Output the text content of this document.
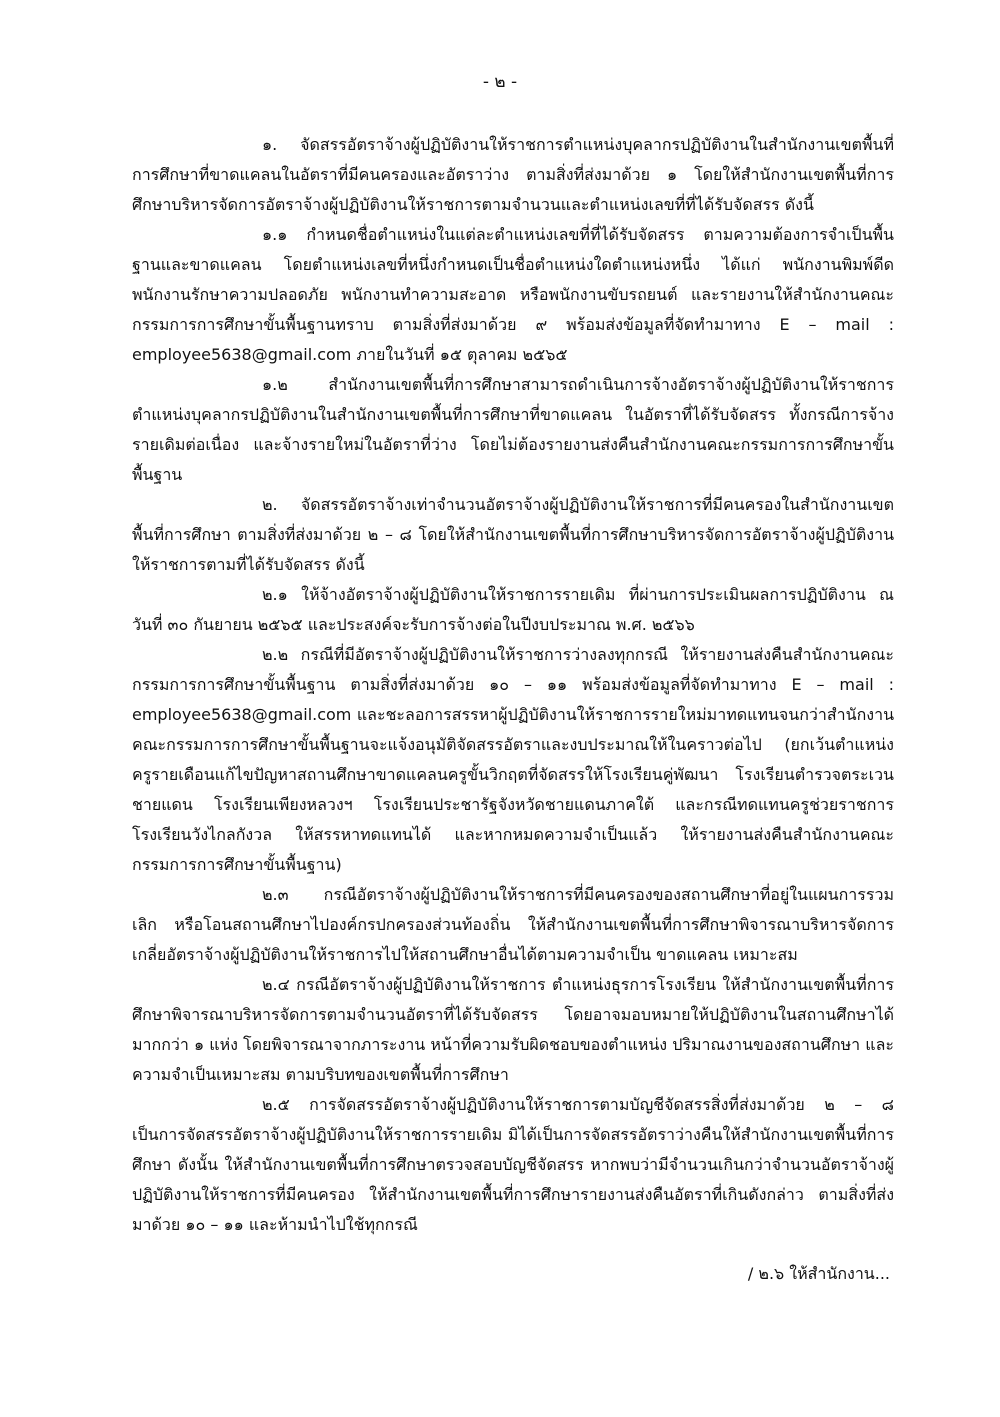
- ๒ -

๑. จัดสรรอัตราจ้างผู้ปฏิบัติงานให้ราชการตำแหน่งบุคลากรปฏิบัติงานในสำนักงานเขตพื้นที่การศึกษาที่ขาดแคลนในอัตราที่มีคนครองและอัตราว่าง ตามสิ่งที่ส่งมาด้วย ๑ โดยให้สำนักงานเขตพื้นที่การศึกษาบริหารจัดการอัตราจ้างผู้ปฏิบัติงานให้ราชการตามจำนวนและตำแหน่งเลขที่ที่ได้รับจัดสรร ดังนี้

๑.๑ กำหนดชื่อตำแหน่งในแต่ละตำแหน่งเลขที่ที่ได้รับจัดสรร ตามความต้องการจำเป็นพื้นฐานและขาดแคลน โดยตำแหน่งเลขที่หนึ่งกำหนดเป็นชื่อตำแหน่งใดตำแหน่งหนึ่ง ได้แก่ พนักงานพิมพ์ดีด พนักงานรักษาความปลอดภัย พนักงานทำความสะอาด หรือพนักงานขับรถยนต์ และรายงานให้สำนักงานคณะกรรมการการศึกษาขั้นพื้นฐานทราบ ตามสิ่งที่ส่งมาด้วย ๙ พร้อมส่งข้อมูลที่จัดทำมาทาง E – mail : employee5638@gmail.com ภายในวันที่ ๑๕ ตุลาคม ๒๕๖๕

๑.๒ สำนักงานเขตพื้นที่การศึกษาสามารถดำเนินการจ้างอัตราจ้างผู้ปฏิบัติงานให้ราชการตำแหน่งบุคลากรปฏิบัติงานในสำนักงานเขตพื้นที่การศึกษาที่ขาดแคลน ในอัตราที่ได้รับจัดสรร ทั้งกรณีการจ้างรายเดิมต่อเนื่อง และจ้างรายใหม่ในอัตราที่ว่าง โดยไม่ต้องรายงานส่งคืนสำนักงานคณะกรรมการการศึกษาขั้นพื้นฐาน

๒. จัดสรรอัตราจ้างเท่าจำนวนอัตราจ้างผู้ปฏิบัติงานให้ราชการที่มีคนครองในสำนักงานเขตพื้นที่การศึกษา ตามสิ่งที่ส่งมาด้วย ๒ – ๘ โดยให้สำนักงานเขตพื้นที่การศึกษาบริหารจัดการอัตราจ้างผู้ปฏิบัติงานให้ราชการตามที่ได้รับจัดสรร ดังนี้

๒.๑ ให้จ้างอัตราจ้างผู้ปฏิบัติงานให้ราชการรายเดิม ที่ผ่านการประเมินผลการปฏิบัติงาน ณ วันที่ ๓๐ กันยายน ๒๕๖๕ และประสงค์จะรับการจ้างต่อในปีงบประมาณ พ.ศ. ๒๕๖๖

๒.๒ กรณีที่มีอัตราจ้างผู้ปฏิบัติงานให้ราชการว่างลงทุกกรณี ให้รายงานส่งคืนสำนักงานคณะกรรมการการศึกษาขั้นพื้นฐาน ตามสิ่งที่ส่งมาด้วย ๑๐ – ๑๑ พร้อมส่งข้อมูลที่จัดทำมาทาง E – mail : employee5638@gmail.com และชะลอการสรรหาผู้ปฏิบัติงานให้ราชการรายใหม่มาทดแทนจนกว่าสำนักงานคณะกรรมการการศึกษาขั้นพื้นฐานจะแจ้งอนุมัติจัดสรรอัตราและงบประมาณให้ในคราวต่อไป (ยกเว้นตำแหน่งครูรายเดือนแก้ไขปัญหาสถานศึกษาขาดแคลนครูขั้นวิกฤตที่จัดสรรให้โรงเรียนคู่พัฒนา โรงเรียนตำรวจตระเวนชายแดน โรงเรียนเพียงหลวงฯ โรงเรียนประชารัฐจังหวัดชายแดนภาคใต้ และกรณีทดแทนครูช่วยราชการโรงเรียนวังไกลกังวล ให้สรรหาทดแทนได้ และหากหมดความจำเป็นแล้ว ให้รายงานส่งคืนสำนักงานคณะกรรมการการศึกษาขั้นพื้นฐาน)

๒.๓ กรณีอัตราจ้างผู้ปฏิบัติงานให้ราชการที่มีคนครองของสถานศึกษาที่อยู่ในแผนการรวม เลิก หรือโอนสถานศึกษาไปองค์กรปกครองส่วนท้องถิ่น ให้สำนักงานเขตพื้นที่การศึกษาพิจารณาบริหารจัดการเกลี่ยอัตราจ้างผู้ปฏิบัติงานให้ราชการไปให้สถานศึกษาอื่นได้ตามความจำเป็น ขาดแคลน เหมาะสม

๒.๔ กรณีอัตราจ้างผู้ปฏิบัติงานให้ราชการ ตำแหน่งธุรการโรงเรียน ให้สำนักงานเขตพื้นที่การศึกษาพิจารณาบริหารจัดการตามจำนวนอัตราที่ได้รับจัดสรร โดยอาจมอบหมายให้ปฏิบัติงานในสถานศึกษาได้มากกว่า ๑ แห่ง โดยพิจารณาจากภาระงาน หน้าที่ความรับผิดชอบของตำแหน่ง ปริมาณงานของสถานศึกษา และความจำเป็นเหมาะสม ตามบริบทของเขตพื้นที่การศึกษา

๒.๕ การจัดสรรอัตราจ้างผู้ปฏิบัติงานให้ราชการตามบัญชีจัดสรรสิ่งที่ส่งมาด้วย ๒ – ๘ เป็นการจัดสรรอัตราจ้างผู้ปฏิบัติงานให้ราชการรายเดิม มิได้เป็นการจัดสรรอัตราว่างคืนให้สำนักงานเขตพื้นที่การศึกษา ดังนั้น ให้สำนักงานเขตพื้นที่การศึกษาตรวจสอบบัญชีจัดสรร หากพบว่ามีจำนวนเกินกว่าจำนวนอัตราจ้างผู้ปฏิบัติงานให้ราชการที่มีคนครอง ให้สำนักงานเขตพื้นที่การศึกษารายงานส่งคืนอัตราที่เกินดังกล่าว ตามสิ่งที่ส่งมาด้วย ๑๐ – ๑๑ และห้ามนำไปใช้ทุกกรณี

/ ๒.๖ ให้สำนักงาน...
